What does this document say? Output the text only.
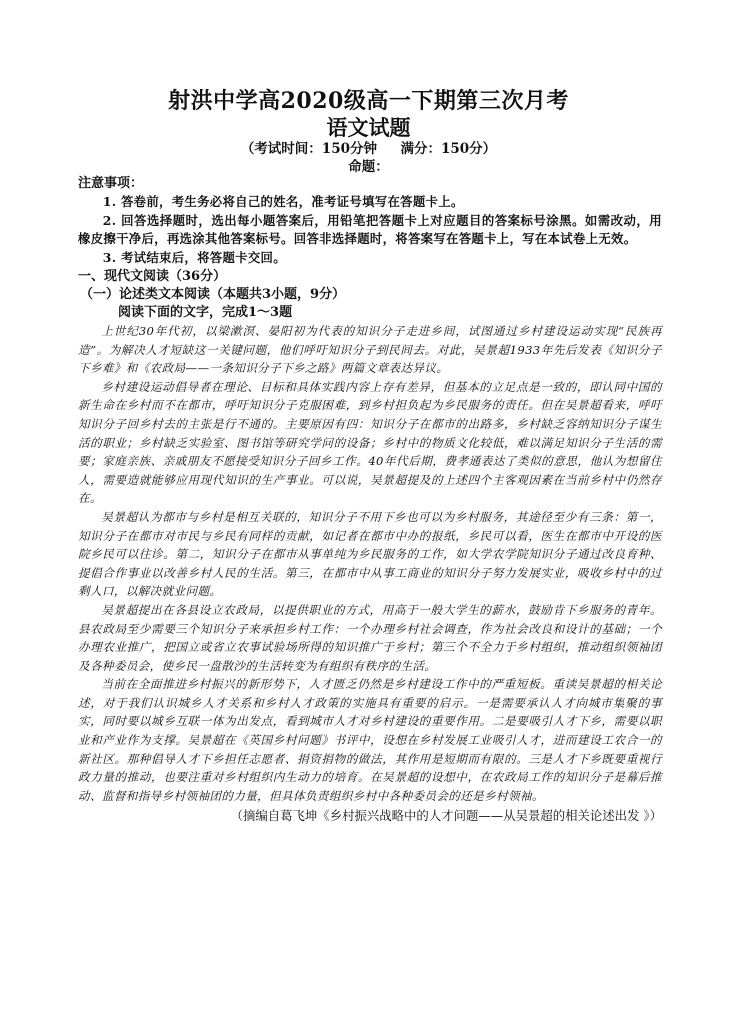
射洪中学高2020级高一下期第三次月考
语文试题
（考试时间：150分钟     满分：150分）
命题：
注意事项：

1. 答卷前，考生务必将自己的姓名，准考证号填写在答题卡上。

2. 回答选择题时，选出每小题答案后，用铅笔把答题卡上对应题目的答案标号涂黑。如需改动，用橡皮擦干净后，再选涂其他答案标号。回答非选择题时，将答案写在答题卡上，写在本试卷上无效。

3. 考试结束后，将答题卡交回。

一、现代文阅读（36分）
（一）论述类文本阅读（本题共3小题，9分）
阅读下面的文字，完成1～3题

上世纪30年代初，以梁漱溟、晏阳初为代表的知识分子走进乡间，试图通过乡村建设运动实现“民族再造”。为解决人才短缺这一关键问题，他们呼吁知识分子到民间去。对此，吴景超1933年先后发表《知识分子下乡难》和《农政局——一条知识分子下乡之路》两篇文章表达异议。

乡村建设运动倡导者在理论、目标和具体实践内容上存有差异，但基本的立足点是一致的，即认同中国的新生命在乡村而不在都市，呼吁知识分子克服困难，到乡村担负起为乡民服务的责任。但在吴景超看来，呼吁知识分子回乡村去的主张是行不通的。主要原因有四：知识分子在都市的出路多，乡村缺乏容纳知识分子谋生活的职业；乡村缺乏实验室、图书馆等研究学问的设备；乡村中的物质文化较低，难以满足知识分子生活的需要；家庭亲族、亲戚朋友不愿接受知识分子回乡工作。40年代后期，费孝通表达了类似的意思，他认为想留住人，需要造就能够应用现代知识的生产事业。可以说，吴景超提及的上述四个主客观因素在当前乡村中仍然存在。

吴景超认为都市与乡村是相互关联的，知识分子不用下乡也可以为乡村服务，其途径至少有三条：第一，知识分子在都市对市民与乡民有同样的贡献，如记者在都市中办的报纸，乡民可以看，医生在都市中开设的医院乡民可以往诊。第二，知识分子在都市从事单纯为乡民服务的工作，如大学农学院知识分子通过改良育种、提倡合作事业以改善乡村人民的生活。第三，在都市中从事工商业的知识分子努力发展实业，吸收乡村中的过剩人口，以解决就业问题。

吴景超提出在各县设立农政局，以提供职业的方式，用高于一般大学生的薪水，鼓励肯下乡服务的青年。县农政局至少需要三个知识分子来承担乡村工作：一个办理乡村社会调查，作为社会改良和设计的基础；一个办理农业推广，把国立或省立农事试验场所得的知识推广于乡村；第三个不全力于乡村组织，推动组织领袖团及各种委员会，使乡民一盘散沙的生活转变为有组织有秩序的生活。

当前在全面推进乡村振兴的新形势下，人才匮乏仍然是乡村建设工作中的严重短板。重读吴景超的相关论述，对于我们认识城乡人才关系和乡村人才政策的实施具有重要的启示。一是需要承认人才向城市集聚的事实，同时要以城乡互联一体为出发点，看到城市人才对乡村建设的重要作用。二是要吸引人才下乡，需要以职业和产业作为支撑。吴景超在《英国乡村问题》书评中，设想在乡村发展工业吸引人才，进而建设工农合一的新社区。那种倡导人才下乡担任志愿者、捐资捐物的做法，其作用是短期而有限的。三是人才下乡既要重视行政力量的推动，也要注重对乡村组织内生动力的培育。在吴景超的设想中，在农政局工作的知识分子是幕后推动、监督和指导乡村领袖团的力量，但具体负责组织乡村中各种委员会的还是乡村领袖。

（摘编自葛飞坤《乡村振兴战略中的人才问题——从吴景超的相关论述出发 》）
